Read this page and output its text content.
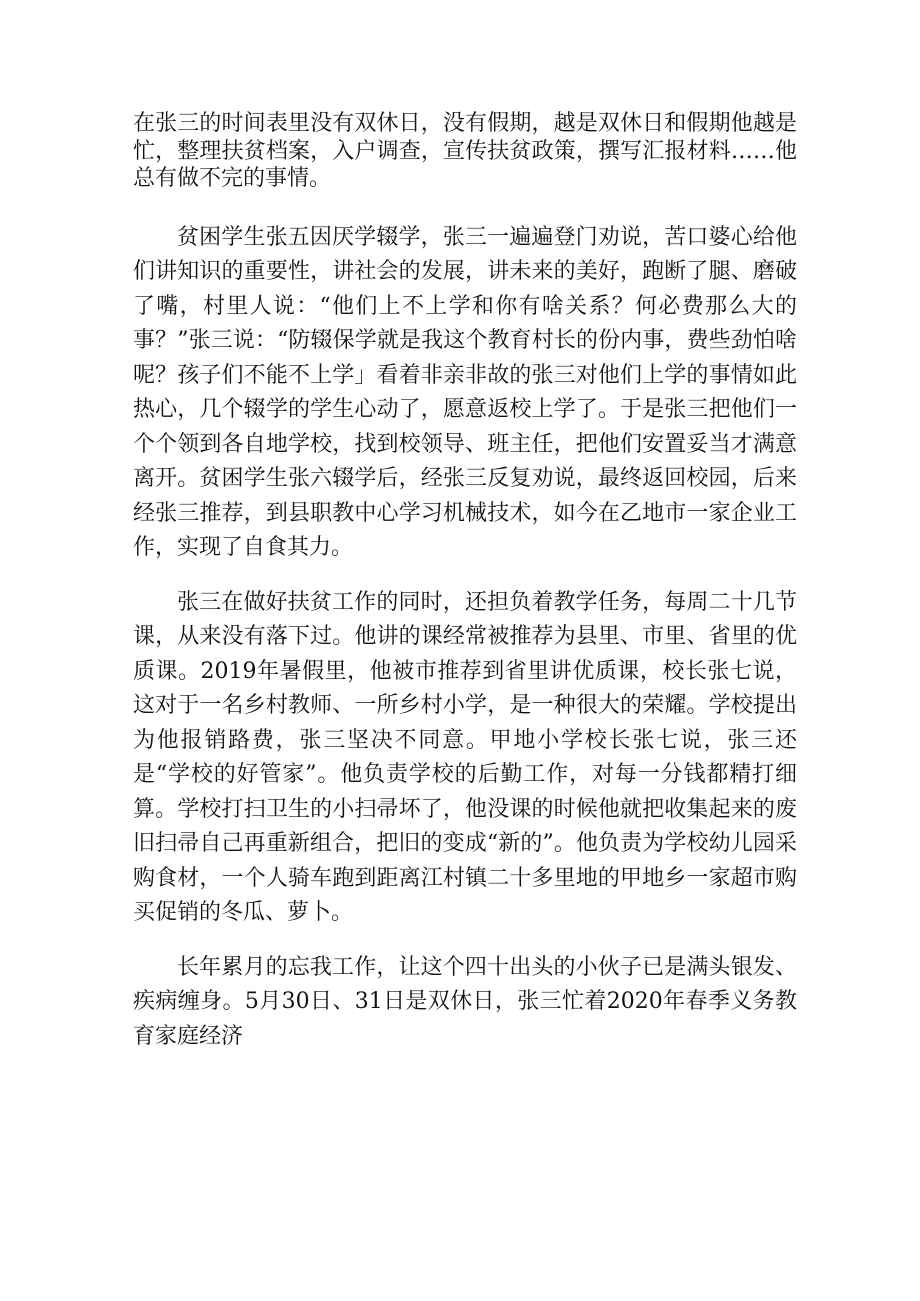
在张三的时间表里没有双休日，没有假期，越是双休日和假期他越是忙，整理扶贫档案，入户调查，宣传扶贫政策，撰写汇报材料……他总有做不完的事情。

贫困学生张五因厌学辍学，张三一遍遍登门劝说，苦口婆心给他们讲知识的重要性，讲社会的发展，讲未来的美好，跑断了腿、磨破了嘴，村里人说：“他们上不上学和你有啥关系？何必费那么大的事？”张三说：“防辍保学就是我这个教育村长的份内事，费些劲怕啥呢？孩子们不能不上学」看着非亲非故的张三对他们上学的事情如此热心，几个辍学的学生心动了，愿意返校上学了。于是张三把他们一个个领到各自地学校，找到校领导、班主任，把他们安置妥当才满意离开。贫困学生张六辍学后，经张三反复劝说，最终返回校园，后来经张三推荐，到县职教中心学习机械技术，如今在乙地市一家企业工作，实现了自食其力。

张三在做好扶贫工作的同时，还担负着教学任务，每周二十几节课，从来没有落下过。他讲的课经常被推荐为县里、市里、省里的优质课。2019年暑假里，他被市推荐到省里讲优质课，校长张七说，这对于一名乡村教师、一所乡村小学，是一种很大的荣耀。学校提出为他报销路费，张三坚决不同意。甲地小学校长张七说，张三还是“学校的好管家”。他负责学校的后勤工作，对每一分钱都精打细算。学校打扫卫生的小扫帚坏了，他没课的时候他就把收集起来的废旧扫帚自己再重新组合，把旧的变成“新的”。他负责为学校幼儿园采购食材，一个人骑车跑到距离江村镇二十多里地的甲地乡一家超市购买促销的冬瓜、萝卜。

长年累月的忘我工作，让这个四十出头的小伙子已是满头银发、疾病缠身。5月30日、31日是双休日，张三忙着2020年春季义务教育家庭经济
